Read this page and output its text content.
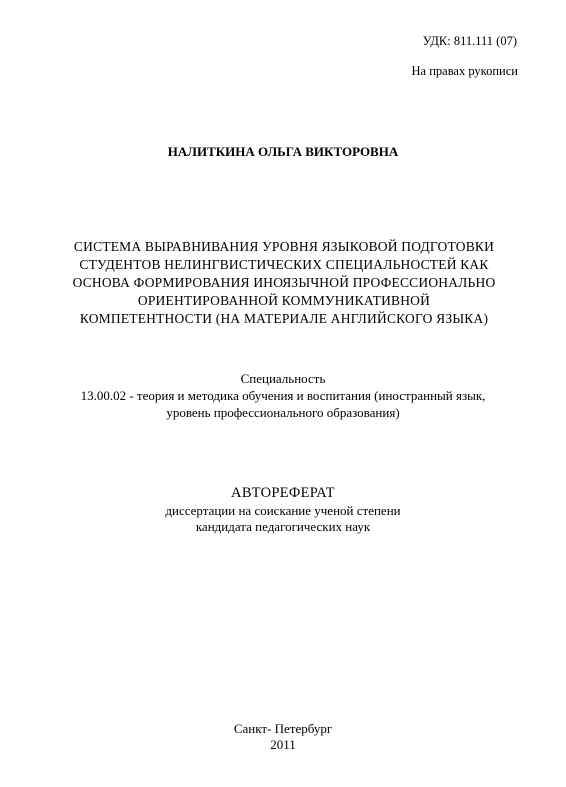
УДК: 811.111 (07)
На правах рукописи
НАЛИТКИНА ОЛЬГА ВИКТОРОВНА
СИСТЕМА ВЫРАВНИВАНИЯ УРОВНЯ ЯЗЫКОВОЙ ПОДГОТОВКИ
СТУДЕНТОВ НЕЛИНГВИСТИЧЕСКИХ СПЕЦИАЛЬНОСТЕЙ КАК
ОСНОВА ФОРМИРОВАНИЯ ИНОЯЗЫЧНОЙ ПРОФЕССИОНАЛЬНО
ОРИЕНТИРОВАННОЙ КОММУНИКАТИВНОЙ
КОМПЕТЕНТНОСТИ (НА МАТЕРИАЛЕ АНГЛИЙСКОГО ЯЗЫКА)
Специальность
13.00.02 - теория и методика обучения и воспитания (иностранный язык,
уровень профессионального образования)
АВТОРЕФЕРАТ
диссертации на соискание ученой степени
кандидата педагогических наук
Санкт- Петербург
2011
